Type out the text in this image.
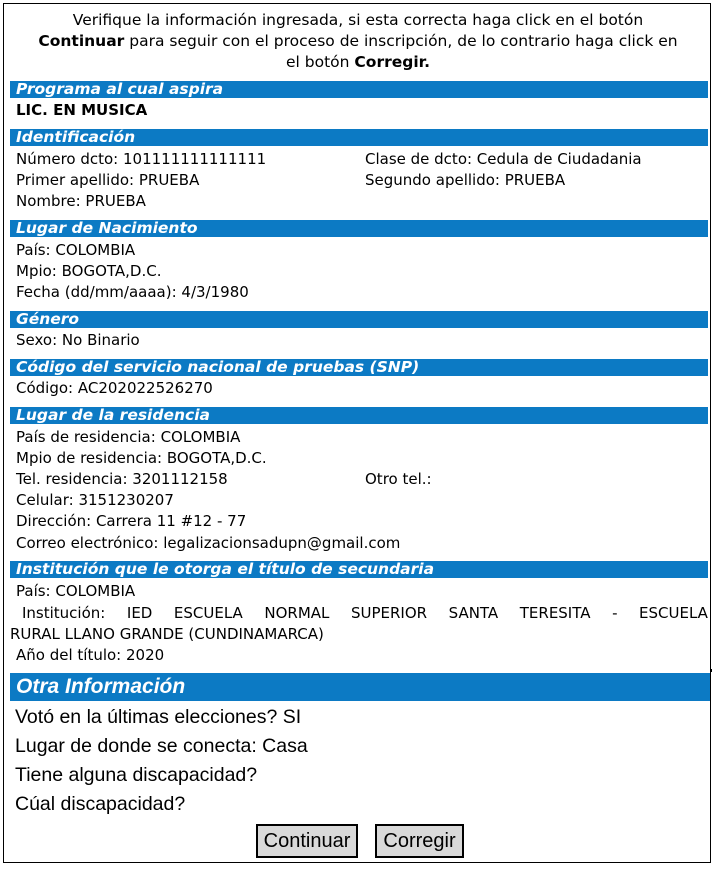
Verifique la información ingresada, si esta correcta haga click en el botón
Continuar para seguir con el proceso de inscripción, de lo contrario haga click en
el botón Corregir.
Programa al cual aspira
LIC. EN MUSICA
Identificación
Número dcto: 101111111111111	Clase de dcto: Cedula de Ciudadania
Primer apellido: PRUEBA	Segundo apellido: PRUEBA
Nombre: PRUEBA
Lugar de Nacimiento
País: COLOMBIA
Mpio: BOGOTA,D.C.
Fecha (dd/mm/aaaa): 4/3/1980
Género
Sexo: No Binario
Código del servicio nacional de pruebas (SNP)
Código: AC202022526270
Lugar de la residencia
País de residencia: COLOMBIA
Mpio de residencia: BOGOTA,D.C.
Tel. residencia: 3201112158	Otro tel.:
Celular: 3151230207
Dirección: Carrera 11 #12 - 77
Correo electrónico: legalizacionsadupn@gmail.com
Institución que le otorga el título de secundaria
País: COLOMBIA
Institución: IED ESCUELA NORMAL SUPERIOR SANTA TERESITA - ESCUELA
RURAL LLANO GRANDE (CUNDINAMARCA)
Año del título: 2020
Otra Información
Votó en la últimas elecciones? SI
Lugar de donde se conecta: Casa
Tiene alguna discapacidad?
Cúal discapacidad?
Continuar	Corregir
